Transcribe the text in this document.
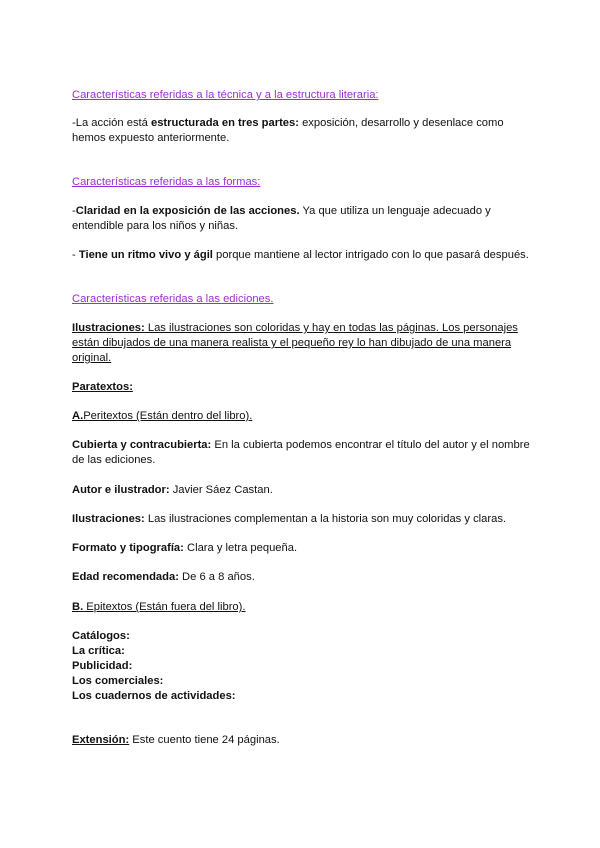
Características referidas a la técnica y a la estructura literaria:

-La acción está estructurada en tres partes: exposición, desarrollo y desenlace como hemos expuesto anteriormente.

Características referidas a las formas:

-Claridad en la exposición de las acciones. Ya que utiliza un lenguaje adecuado y entendible para los niños y niñas.

- Tiene un ritmo vivo y ágil porque mantiene al lector intrigado con lo que pasará después.

Características referidas a las ediciones.

Ilustraciones: Las ilustraciones son coloridas y hay en todas las páginas. Los personajes están dibujados de una manera realista y el pequeño rey lo han dibujado de una manera original.

Paratextos:

A.Peritextos (Están dentro del libro).

Cubierta y contracubierta: En la cubierta podemos encontrar el título del autor y el nombre de las ediciones.

Autor e ilustrador: Javier Sáez Castan.

Ilustraciones: Las ilustraciones complementan a la historia son muy coloridas y claras.

Formato y tipografía: Clara y letra pequeña.

Edad recomendada: De 6 a 8 años.

B. Epitextos (Están fuera del libro).

Catálogos:
La crítica:
Publicidad:
Los comerciales:
Los cuadernos de actividades:

Extensión: Este cuento tiene 24 páginas.
